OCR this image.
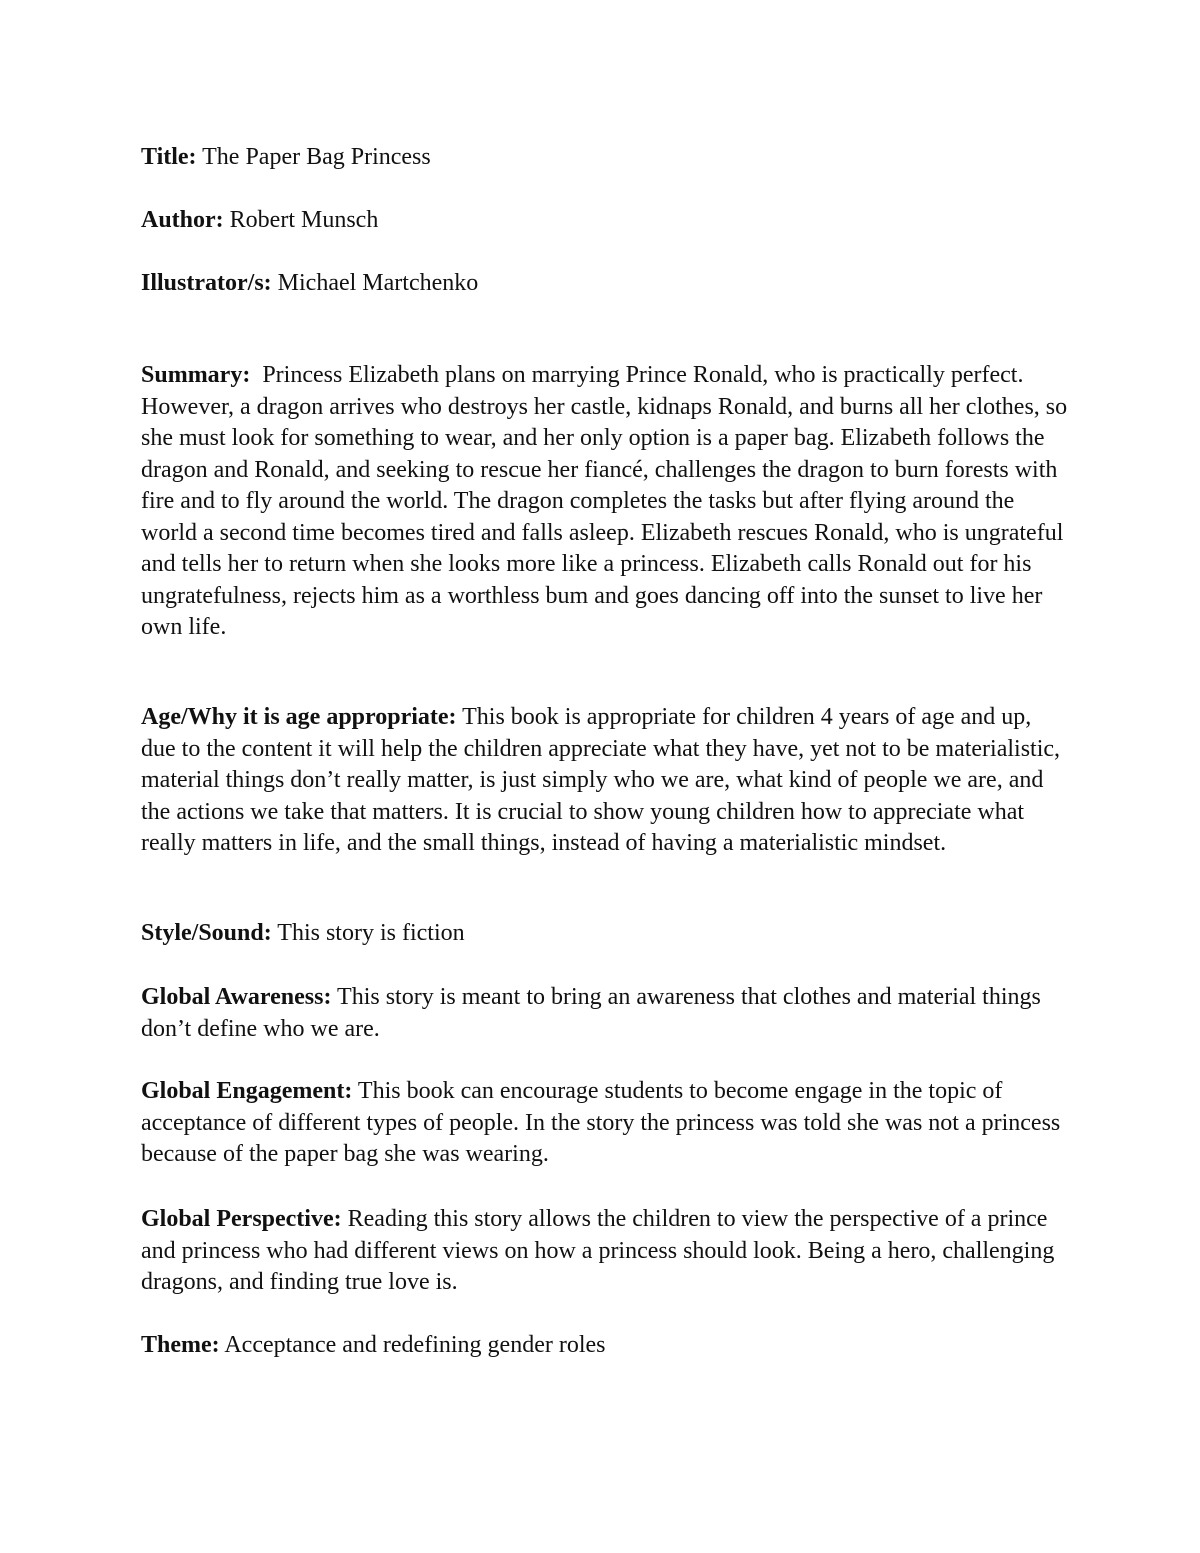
Title: The Paper Bag Princess

Author: Robert Munsch

Illustrator/s: Michael Martchenko

Summary: Princess Elizabeth plans on marrying Prince Ronald, who is practically perfect. However, a dragon arrives who destroys her castle, kidnaps Ronald, and burns all her clothes, so she must look for something to wear, and her only option is a paper bag. Elizabeth follows the dragon and Ronald, and seeking to rescue her fiancé, challenges the dragon to burn forests with fire and to fly around the world. The dragon completes the tasks but after flying around the world a second time becomes tired and falls asleep. Elizabeth rescues Ronald, who is ungrateful and tells her to return when she looks more like a princess. Elizabeth calls Ronald out for his ungratefulness, rejects him as a worthless bum and goes dancing off into the sunset to live her own life.

Age/Why it is age appropriate: This book is appropriate for children 4 years of age and up, due to the content it will help the children appreciate what they have, yet not to be materialistic, material things don’t really matter, is just simply who we are, what kind of people we are, and the actions we take that matters. It is crucial to show young children how to appreciate what really matters in life, and the small things, instead of having a materialistic mindset.

Style/Sound: This story is fiction

Global Awareness: This story is meant to bring an awareness that clothes and material things don’t define who we are.

Global Engagement: This book can encourage students to become engage in the topic of acceptance of different types of people. In the story the princess was told she was not a princess because of the paper bag she was wearing.

Global Perspective: Reading this story allows the children to view the perspective of a prince and princess who had different views on how a princess should look. Being a hero, challenging dragons, and finding true love is.

Theme: Acceptance and redefining gender roles
